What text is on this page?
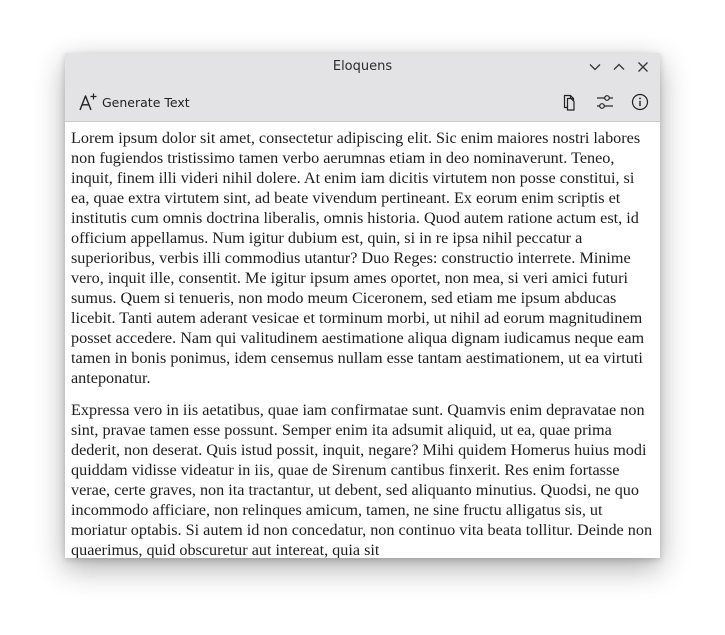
Eloquens
Generate Text

Lorem ipsum dolor sit amet, consectetur adipiscing elit. Sic enim maiores nostri labores non fugiendos tristissimo tamen verbo aerumnas etiam in deo nominaverunt. Teneo, inquit, finem illi videri nihil dolere. At enim iam dicitis virtutem non posse constitui, si ea, quae extra virtutem sint, ad beate vivendum pertineant. Ex eorum enim scriptis et institutis cum omnis doctrina liberalis, omnis historia. Quod autem ratione actum est, id officium appellamus. Num igitur dubium est, quin, si in re ipsa nihil peccatur a superioribus, verbis illi commodius utantur? Duo Reges: constructio interrete. Minime vero, inquit ille, consentit. Me igitur ipsum ames oportet, non mea, si veri amici futuri sumus. Quem si tenueris, non modo meum Ciceronem, sed etiam me ipsum abducas licebit. Tanti autem aderant vesicae et torminum morbi, ut nihil ad eorum magnitudinem posset accedere. Nam qui valitudinem aestimatione aliqua dignam iudicamus neque eam tamen in bonis ponimus, idem censemus nullam esse tantam aestimationem, ut ea virtuti anteponatur.

Expressa vero in iis aetatibus, quae iam confirmatae sunt. Quamvis enim depravatae non sint, pravae tamen esse possunt. Semper enim ita adsumit aliquid, ut ea, quae prima dederit, non deserat. Quis istud possit, inquit, negare? Mihi quidem Homerus huius modi quiddam vidisse videatur in iis, quae de Sirenum cantibus finxerit. Res enim fortasse verae, certe graves, non ita tractantur, ut debent, sed aliquanto minutius. Quodsi, ne quo incommodo afficiare, non relinques amicum, tamen, ne sine fructu alligatus sis, ut moriatur optabis. Si autem id non concedatur, non continuo vita beata tollitur. Deinde non quaerimus, quid obscuretur aut intereat, quia sit
